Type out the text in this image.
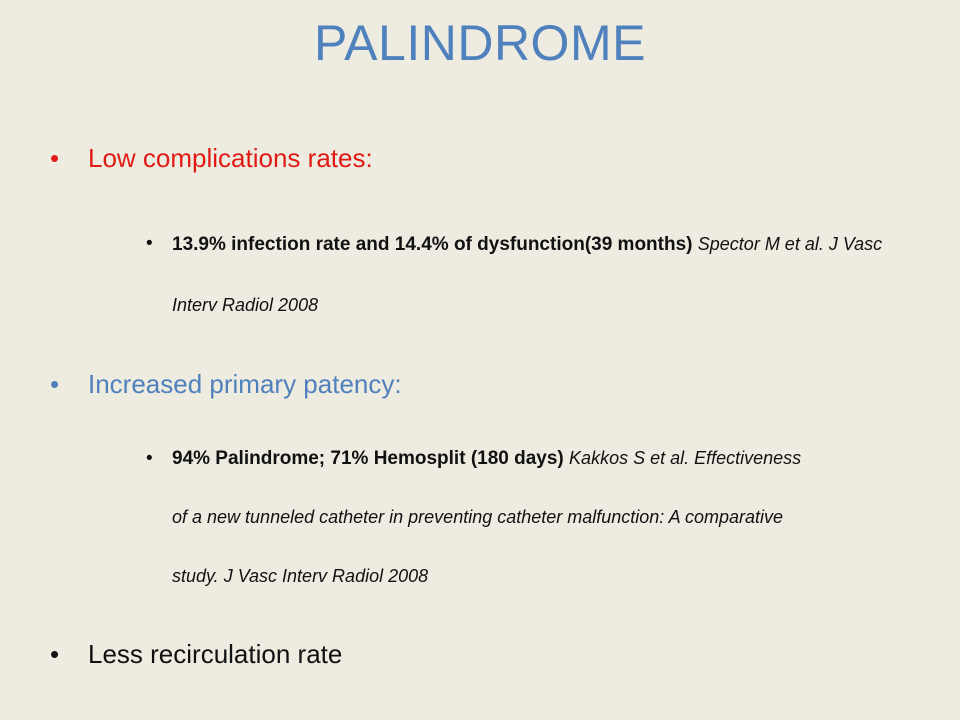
PALINDROME
• Low complications rates:
•	13.9% infection rate and 14.4% of dysfunction(39 months) Spector M et al. J Vasc Interv Radiol 2008
• Increased primary patency:
•	94% Palindrome; 71% Hemosplit (180 days) Kakkos S et al. Effectiveness of a new tunneled catheter in preventing catheter malfunction: A comparative study. J Vasc Interv Radiol 2008
• Less recirculation rate
